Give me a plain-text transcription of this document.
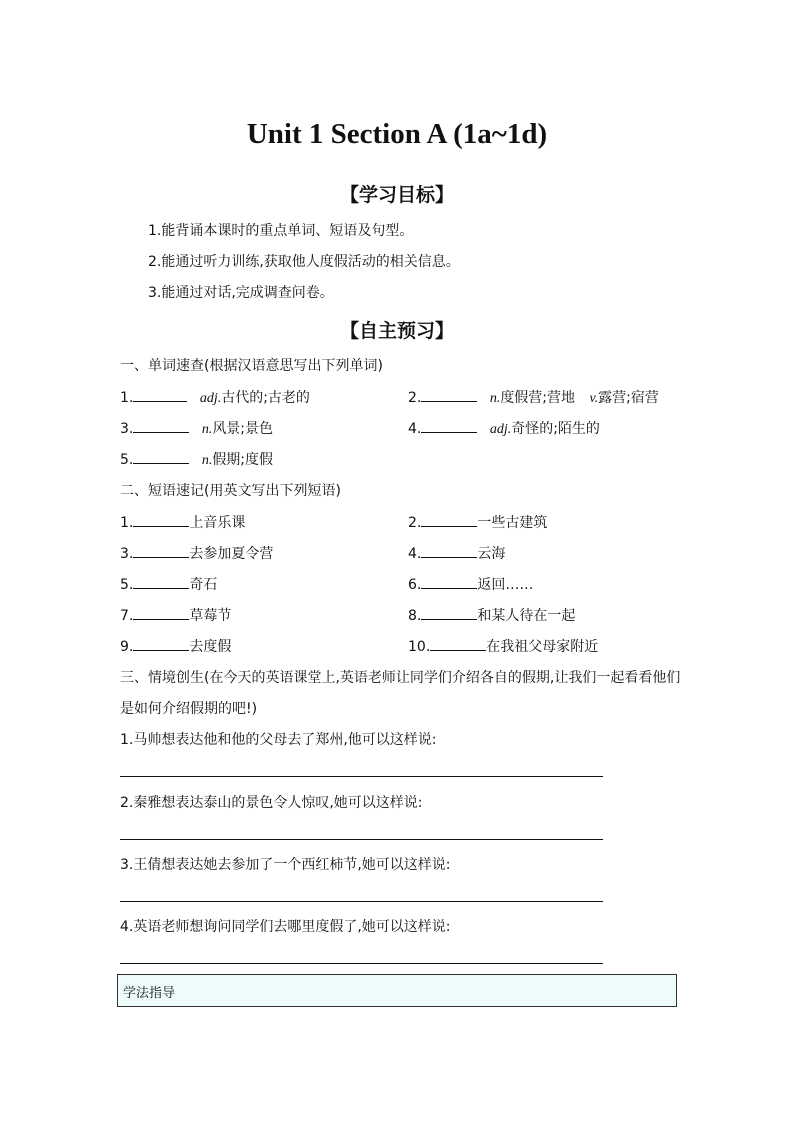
Unit 1 Section A (1a~1d)
【学习目标】
1.能背诵本课时的重点单词、短语及句型。
2.能通过听力训练,获取他人度假活动的相关信息。
3.能通过对话,完成调查问卷。
【自主预习】
一、单词速查(根据汉语意思写出下列单词)
1.	adj.古代的;古老的	2.	n.度假营;营地 v.露营;宿营
3.	n.风景;景色	4.	adj.奇怪的;陌生的
5.	n.假期;度假
二、短语速记(用英文写出下列短语)
1.	上音乐课	2.	一些古建筑
3.	去参加夏令营	4.	云海
5.	奇石	6.	返回……
7.	草莓节	8.	和某人待在一起
9.	去度假	10.	在我祖父母家附近
三、情境创生(在今天的英语课堂上,英语老师让同学们介绍各自的假期,让我们一起看看他们
是如何介绍假期的吧!)
1.马帅想表达他和他的父母去了郑州,他可以这样说:
2.秦雅想表达泰山的景色令人惊叹,她可以这样说:
3.王倩想表达她去参加了一个西红柿节,她可以这样说:
4.英语老师想询问同学们去哪里度假了,她可以这样说:
学法指导
